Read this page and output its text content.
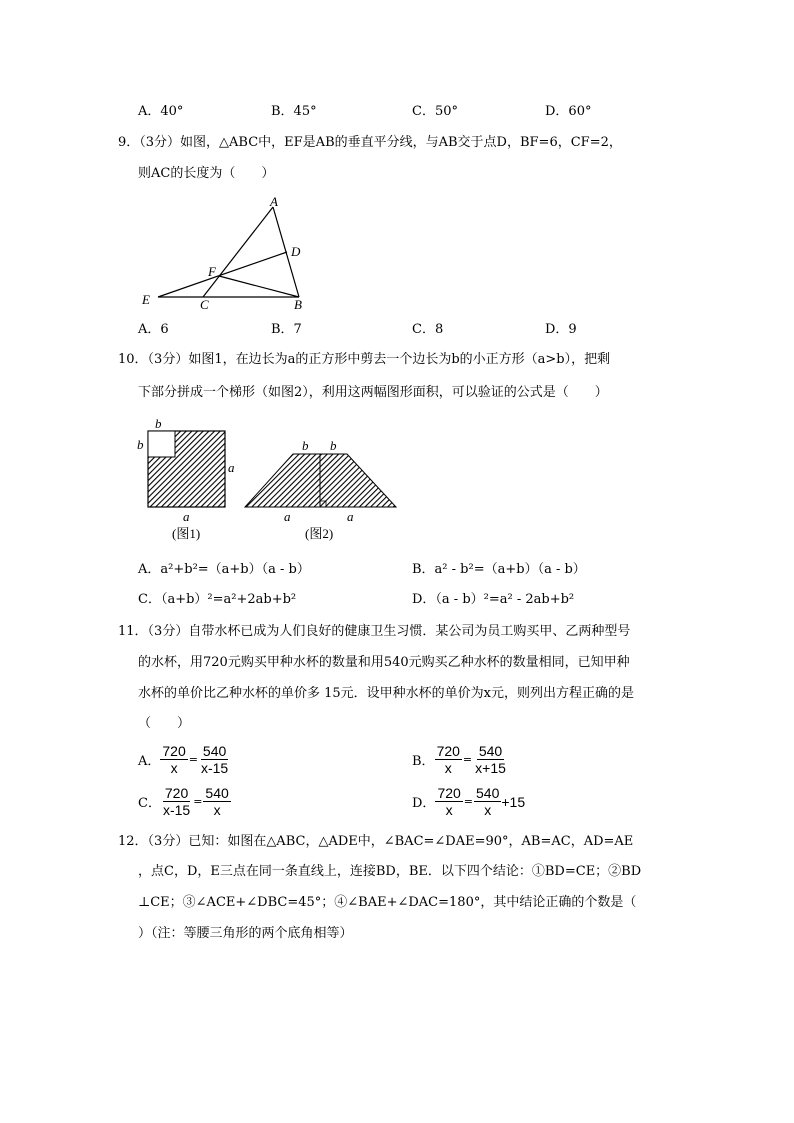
A．40°	B．45°	C．50°	D．60°
9．（3分）如图，△ABC中，EF是AB的垂直平分线，与AB交于点D，BF=6，CF=2，
则AC的长度为（　　）
A
D
F
E	C	B
b
b
a
a
(图1)
b b
a	a
(图2)
A．6	B．7	C．8	D．9
10．（3分）如图1，在边长为a的正方形中剪去一个边长为b的小正方形（a>b），把剩
下部分拼成一个梯形（如图2），利用这两幅图形面积，可以验证的公式是（　　）
A．a²+b²=（a+b）（a - b）	B．a² - b²=（a+b）（a - b）
C．（a+b）²=a²+2ab+b²	D．（a - b）²=a² - 2ab+b²
11．（3分）自带水杯已成为人们良好的健康卫生习惯．某公司为员工购买甲、乙两种型号
的水杯，用720元购买甲种水杯的数量和用540元购买乙种水杯的数量相同，已知甲种
水杯的单价比乙种水杯的单价多 15元．设甲种水杯的单价为x元，则列出方程正确的是
（　　）
A． $\frac{720}{x} = \frac{540}{x-15}$	B． $\frac{720}{x} = \frac{540}{x+15}$
C． $\frac{720}{x-15} = \frac{540}{x}$	D． $\frac{720}{x} = \frac{540}{x} +15$
12．（3分）已知：如图在△ABC，△ADE中，∠BAC=∠DAE=90°，AB=AC，AD=AE
，点C，D，E三点在同一条直线上，连接BD，BE．以下四个结论：①BD=CE；②BD
⊥CE；③∠ACE+∠DBC=45°；④∠BAE+∠DAC=180°，其中结论正确的个数是（
）（注：等腰三角形的两个底角相等）
